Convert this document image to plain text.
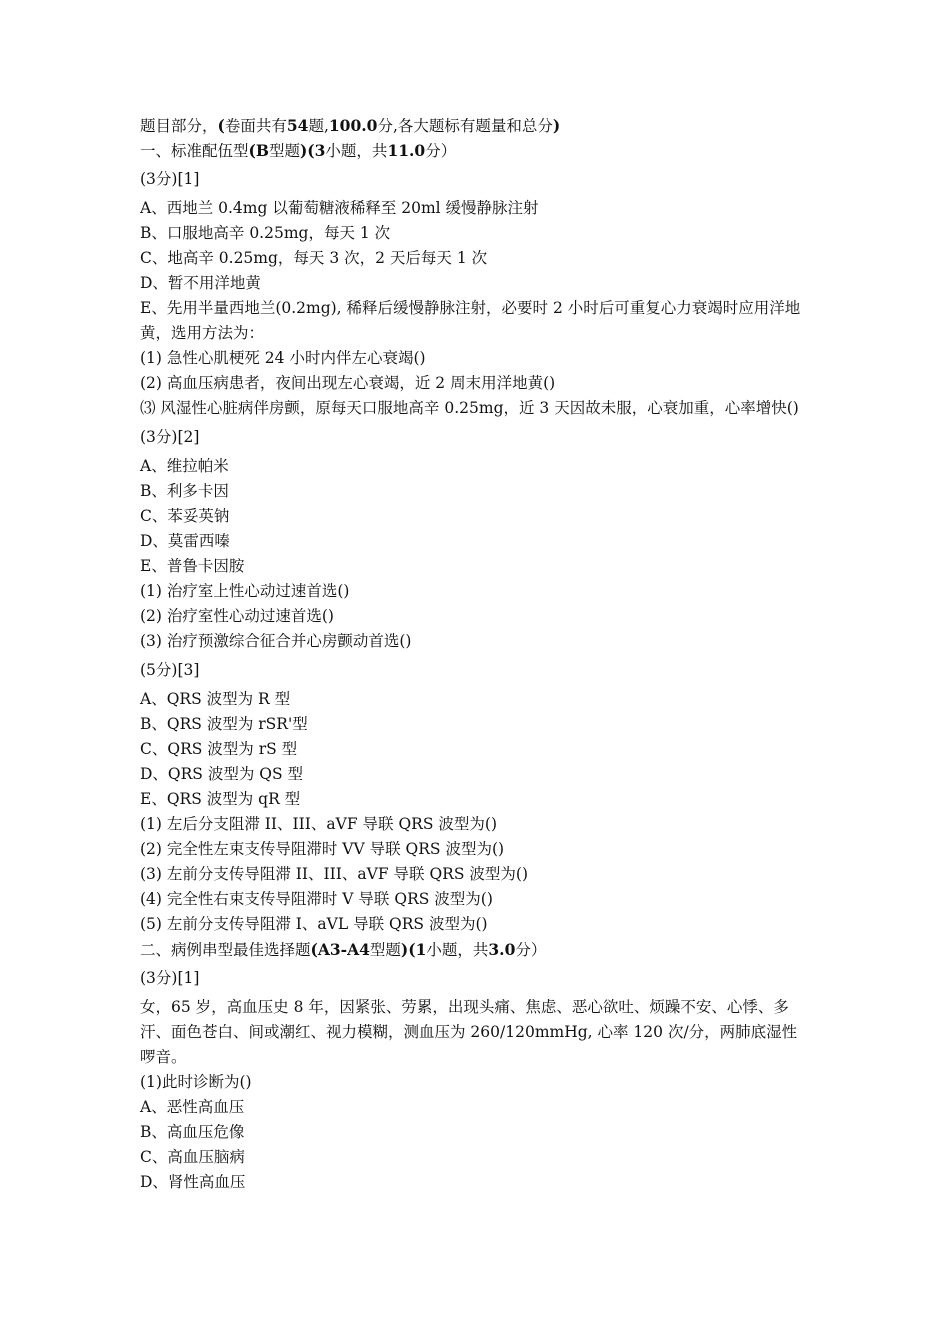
题目部分，(卷面共有54题,100.0分,各大题标有题量和总分)
一、标准配伍型(B型题)(3小题，共11.0分）
(3分)[1]
A、西地兰 0.4mg 以葡萄糖液稀释至 20ml 缓慢静脉注射
B、口服地高辛 0.25mg，每天 1 次
C、地高辛 0.25mg，每天 3 次，2 天后每天 1 次
D、暂不用洋地黄
E、先用半量西地兰(0.2mg), 稀释后缓慢静脉注射，必要时 2 小时后可重复心力衰竭时应用洋地黄，选用方法为：
(1) 急性心肌梗死 24 小时内伴左心衰竭()
(2) 高血压病患者，夜间出现左心衰竭，近 2 周末用洋地黄()
⑶ 风湿性心脏病伴房颤，原每天口服地高辛 0.25mg，近 3 天因故未服，心衰加重，心率增快()
(3分)[2]
A、维拉帕米
B、利多卡因
C、苯妥英钠
D、莫雷西嗪
E、普鲁卡因胺
(1) 治疗室上性心动过速首选()
(2) 治疗室性心动过速首选()
(3) 治疗预激综合征合并心房颤动首选()
(5分)[3]
A、QRS 波型为 R 型
B、QRS 波型为 rSR'型
C、QRS 波型为 rS 型
D、QRS 波型为 QS 型
E、QRS 波型为 qR 型
(1) 左后分支阻滞 II、III、aVF 导联 QRS 波型为()
(2) 完全性左束支传导阻滞时 VV 导联 QRS 波型为()
(3) 左前分支传导阻滞 II、III、aVF 导联 QRS 波型为()
(4) 完全性右束支传导阻滞时 V 导联 QRS 波型为()
(5) 左前分支传导阻滞 I、aVL 导联 QRS 波型为()
二、病例串型最佳选择题(A3-A4型题)(1小题，共3.0分）
(3分)[1]
女，65 岁，高血压史 8 年，因紧张、劳累，出现头痛、焦虑、恶心欲吐、烦躁不安、心悸、多汗、面色苍白、间或潮红、视力模糊，测血压为 260/120mmHg, 心率 120 次/分，两肺底湿性啰音。
(1)此时诊断为()
A、恶性高血压
B、高血压危像
C、高血压脑病
D、肾性高血压
